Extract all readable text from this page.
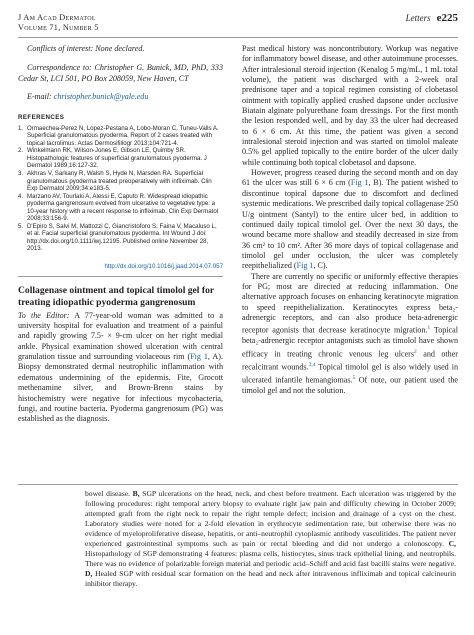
J Am Acad Dermatol
Volume 71, Number 5
Letters e225

Conflicts of interest: None declared.

Correspondence to: Christopher G. Bunick, MD, PhD, 333 Cedar St, LCI 501, PO Box 208059, New Haven, CT

E-mail: christopher.bunick@yale.edu

REFERENCES
1. Ormaechea-Perez N, Lopez-Pestana A, Lobo-Moran C, Tuneu-Valls A. Superficial granulomatous pyoderma. Report of 2 cases treated with topical tacrolimus. Actas Dermosifiliogr 2013;104:721-4.
2. Winkelmann RK, Wilson-Jones E, Gibson LE, Quimby SR. Histopathologic features of superficial granulomatous pyoderma. J Dermatol 1989;16:127-32.
3. Akhras V, Sarkany R, Walsh S, Hyde N, Marsden RA. Superficial granulomatous pyoderma treated preoperatively with infliximab. Clin Exp Dermatol 2009;34:e183-5.
4. Marzano AV, Tourlaki A, Alessi E, Caputo R. Widespread idiopathic pyoderma gangrenosum evolved from ulcerative to vegetative type: a 10-year history with a recent response to infliximab. Clin Exp Dermatol 2008;33:156-9.
5. D'Epiro S, Salvi M, Mattozzi C, Giancristoforo S, Faina V, Macaluso L, et al. Facial superficial granulomatous pyoderma. Int Wound J doi: http://dx.doi.org/10.1111/iwj.12195. Published online November 28, 2013.
http://dx.doi.org/10.1016/j.jaad.2014.07.057
Collagenase ointment and topical timolol gel for treating idiopathic pyoderma gangrenosum

To the Editor: A 77-year-old woman was admitted to a university hospital for evaluation and treatment of a painful and rapidly growing 7.5- × 9-cm ulcer on her right medial ankle. Physical examination showed ulceration with central granulation tissue and surrounding violaceous rim (Fig 1, A). Biopsy demonstrated dermal neutrophilic inflammation with edematous undermining of the epidermis. Fite, Grocott methenamine silver, and Brown-Brenn stains by histochemistry were negative for infectious mycobacteria, fungi, and routine bacteria. Pyoderma gangrenosum (PG) was established as the diagnosis.

Past medical history was noncontributory. Workup was negative for inflammatory bowel disease, and other autoimmune processes. After intralesional steroid injection (Kenalog 5 mg/mL, 1 mL total volume), the patient was discharged with a 2-week oral prednisone taper and a topical regimen consisting of clobetasol ointment with topically applied crushed dapsone under occlusive Biatain alginate polyurethane foam dressings. For the first month the lesion responded well, and by day 33 the ulcer had decreased to 6 × 6 cm. At this time, the patient was given a second intralesional steroid injection and was started on timolol maleate 0.5% gel applied topically to the entire border of the ulcer daily while continuing both topical clobetasol and dapsone.

However, progress ceased during the second month and on day 61 the ulcer was still 6 × 6 cm (Fig 1, B). The patient wished to discontinue topical dapsone due to discomfort and declined systemic medications. We prescribed daily topical collagenase 250 U/g ointment (Santyl) to the entire ulcer bed, in addition to continued daily topical timolol gel. Over the next 30 days, the wound became more shallow and steadily decreased in size from 36 cm² to 10 cm². After 36 more days of topical collagenase and timolol gel under occlusion, the ulcer was completely reepithelialized (Fig 1, C).

There are currently no specific or uniformly effective therapies for PG; most are directed at reducing inflammation. One alternative approach focuses on enhancing keratinocyte migration to speed reepithelialization. Keratinocytes express beta₂-adrenergic receptors, and can also produce beta-adrenergic receptor agonists that decrease keratinocyte migration.$^1$ Topical beta₂-adrenergic receptor antagonists such as timolol have shown efficacy in treating chronic venous leg ulcers$^2$ and other recalcitrant wounds.$^{3,4}$ Topical timolol gel is also widely used in ulcerated infantile hemangiomas.$^5$ Of note, our patient used the timolol gel and not the solution.

bowel disease. B, SGP ulcerations on the head, neck, and chest before treatment. Each ulceration was triggered by the following procedures: right temporal artery biopsy to evaluate right jaw pain and difficulty chewing in October 2009; attempted graft from the right neck to repair the right temple defect; incision and drainage of a cyst on the chest. Laboratory studies were noted for a 2-fold elevation in erythrocyte sedimentation rate, but otherwise there was no evidence of myeloproliferative disease, hepatitis, or anti–neutrophil cytoplasmic antibody vasculitides. The patient never experienced gastrointestinal symptoms such as pain or rectal bleeding and did not undergo a colonoscopy. C, Histopathology of SGP demonstrating 4 features: plasma cells, histiocytes, sinus track epithelial lining, and neutrophils. There was no evidence of polarizable foreign material and periodic acid–Schiff and acid fast bacilli stains were negative. D, Healed SGP with residual scar formation on the head and neck after intravenous infliximab and topical calcineurin inhibitor therapy.
